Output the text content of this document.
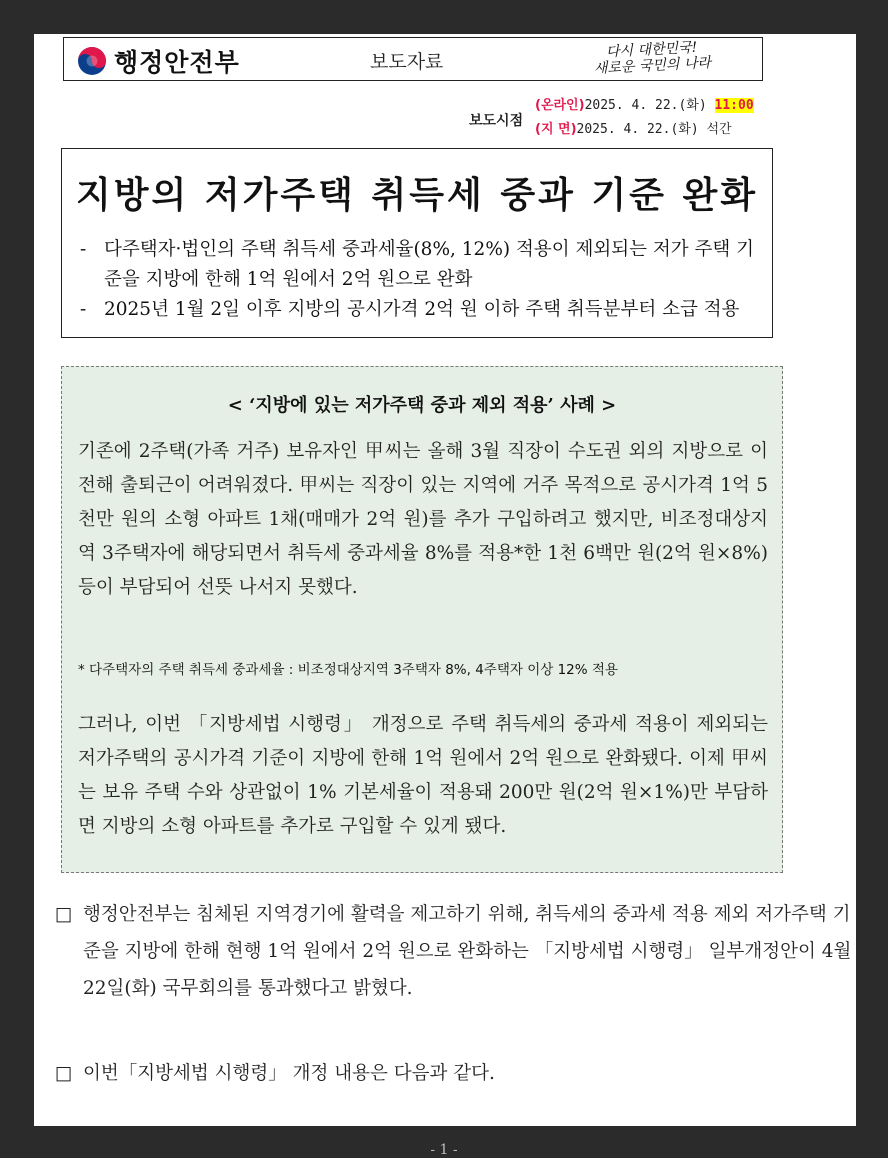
행정안전부	보도자료
다시 대한민국!
새로운 국민의 나라
보도시점
(온라인)2025. 4. 22.(화) 11:00
(지 면)2025. 4. 22.(화) 석간
지방의 저가주택 취득세 중과 기준 완화
- 다주택자·법인의 주택 취득세 중과세율(8%, 12%) 적용이 제외되는 저가 주택 기준을 지방에 한해 1억 원에서 2억 원으로 완화
- 2025년 1월 2일 이후 지방의 공시가격 2억 원 이하 주택 취득분부터 소급 적용
< ‘지방에 있는 저가주택 중과 제외 적용’ 사례 >

기존에 2주택(가족 거주) 보유자인 甲씨는 올해 3월 직장이 수도권 외의 지방으로 이전해 출퇴근이 어려워졌다. 甲씨는 직장이 있는 지역에 거주 목적으로 공시가격 1억 5천만 원의 소형 아파트 1채(매매가 2억 원)를 추가 구입하려고 했지만, 비조정대상지역 3주택자에 해당되면서 취득세 중과세율 8%를 적용*한 1천 6백만 원(2억 원×8%) 등이 부담되어 선뜻 나서지 못했다.

* 다주택자의 주택 취득세 중과세율 : 비조정대상지역 3주택자 8%, 4주택자 이상 12% 적용

그러나, 이번 「지방세법 시행령」 개정으로 주택 취득세의 중과세 적용이 제외되는 저가주택의 공시가격 기준이 지방에 한해 1억 원에서 2억 원으로 완화됐다. 이제 甲씨는 보유 주택 수와 상관없이 1% 기본세율이 적용돼 200만 원(2억 원×1%)만 부담하면 지방의 소형 아파트를 추가로 구입할 수 있게 됐다.

□ 행정안전부는 침체된 지역경기에 활력을 제고하기 위해, 취득세의 중과세 적용 제외 저가주택 기준을 지방에 한해 현행 1억 원에서 2억 원으로 완화하는 「지방세법 시행령」 일부개정안이 4월 22일(화) 국무회의를 통과했다고 밝혔다.
□ 이번「지방세법 시행령」 개정 내용은 다음과 같다.
- 1 -
